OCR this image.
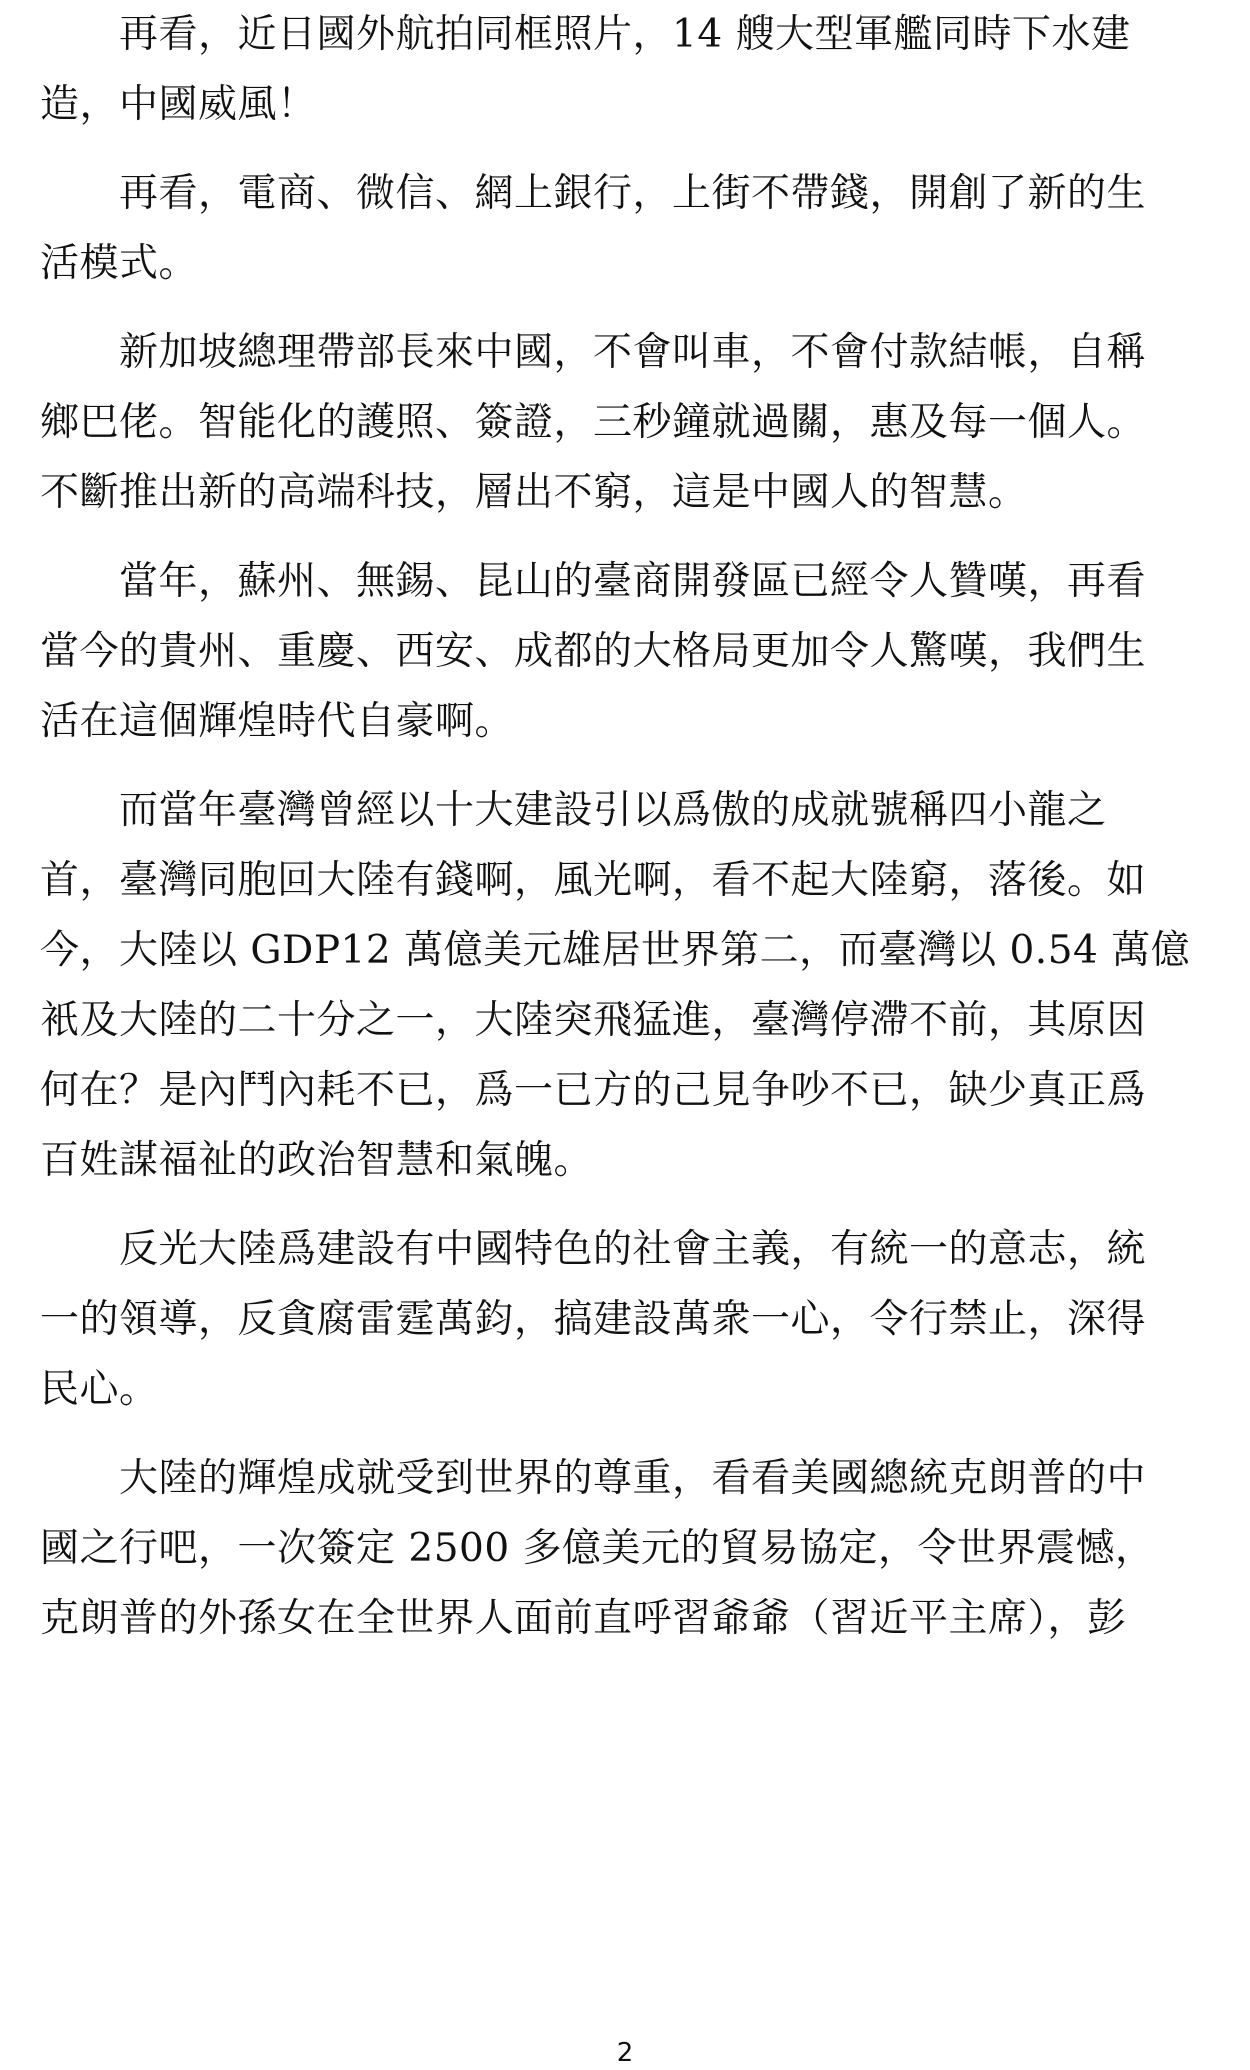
　　再看，近日國外航拍同框照片，14 艘大型軍艦同時下水建
造，中國威風！
　　再看，電商、微信、網上銀行，上街不帶錢，開創了新的生
活模式。
　　新加坡總理帶部長來中國，不會叫車，不會付款結帳，自稱
鄉巴佬。智能化的護照、簽證，三秒鐘就過關，惠及每一個人。
不斷推出新的高端科技，層出不窮，這是中國人的智慧。
　　當年，蘇州、無錫、昆山的臺商開發區已經令人贊嘆，再看
當今的貴州、重慶、西安、成都的大格局更加令人驚嘆，我們生
活在這個輝煌時代自豪啊。
　　而當年臺灣曾經以十大建設引以爲傲的成就號稱四小龍之
首，臺灣同胞回大陸有錢啊，風光啊，看不起大陸窮，落後。如
今，大陸以 GDP12 萬億美元雄居世界第二，而臺灣以 0.54 萬億
衹及大陸的二十分之一，大陸突飛猛進，臺灣停滯不前，其原因
何在？是內鬥內耗不已，爲一已方的己見争吵不已，缺少真正爲
百姓謀福祉的政治智慧和氣魄。
　　反光大陸爲建設有中國特色的社會主義，有統一的意志，統
一的領導，反貪腐雷霆萬鈞，搞建設萬衆一心，令行禁止，深得
民心。
　　大陸的輝煌成就受到世界的尊重，看看美國總統克朗普的中
國之行吧，一次簽定 2500 多億美元的貿易協定，令世界震憾，
克朗普的外孫女在全世界人面前直呼習爺爺（習近平主席），彭
2
